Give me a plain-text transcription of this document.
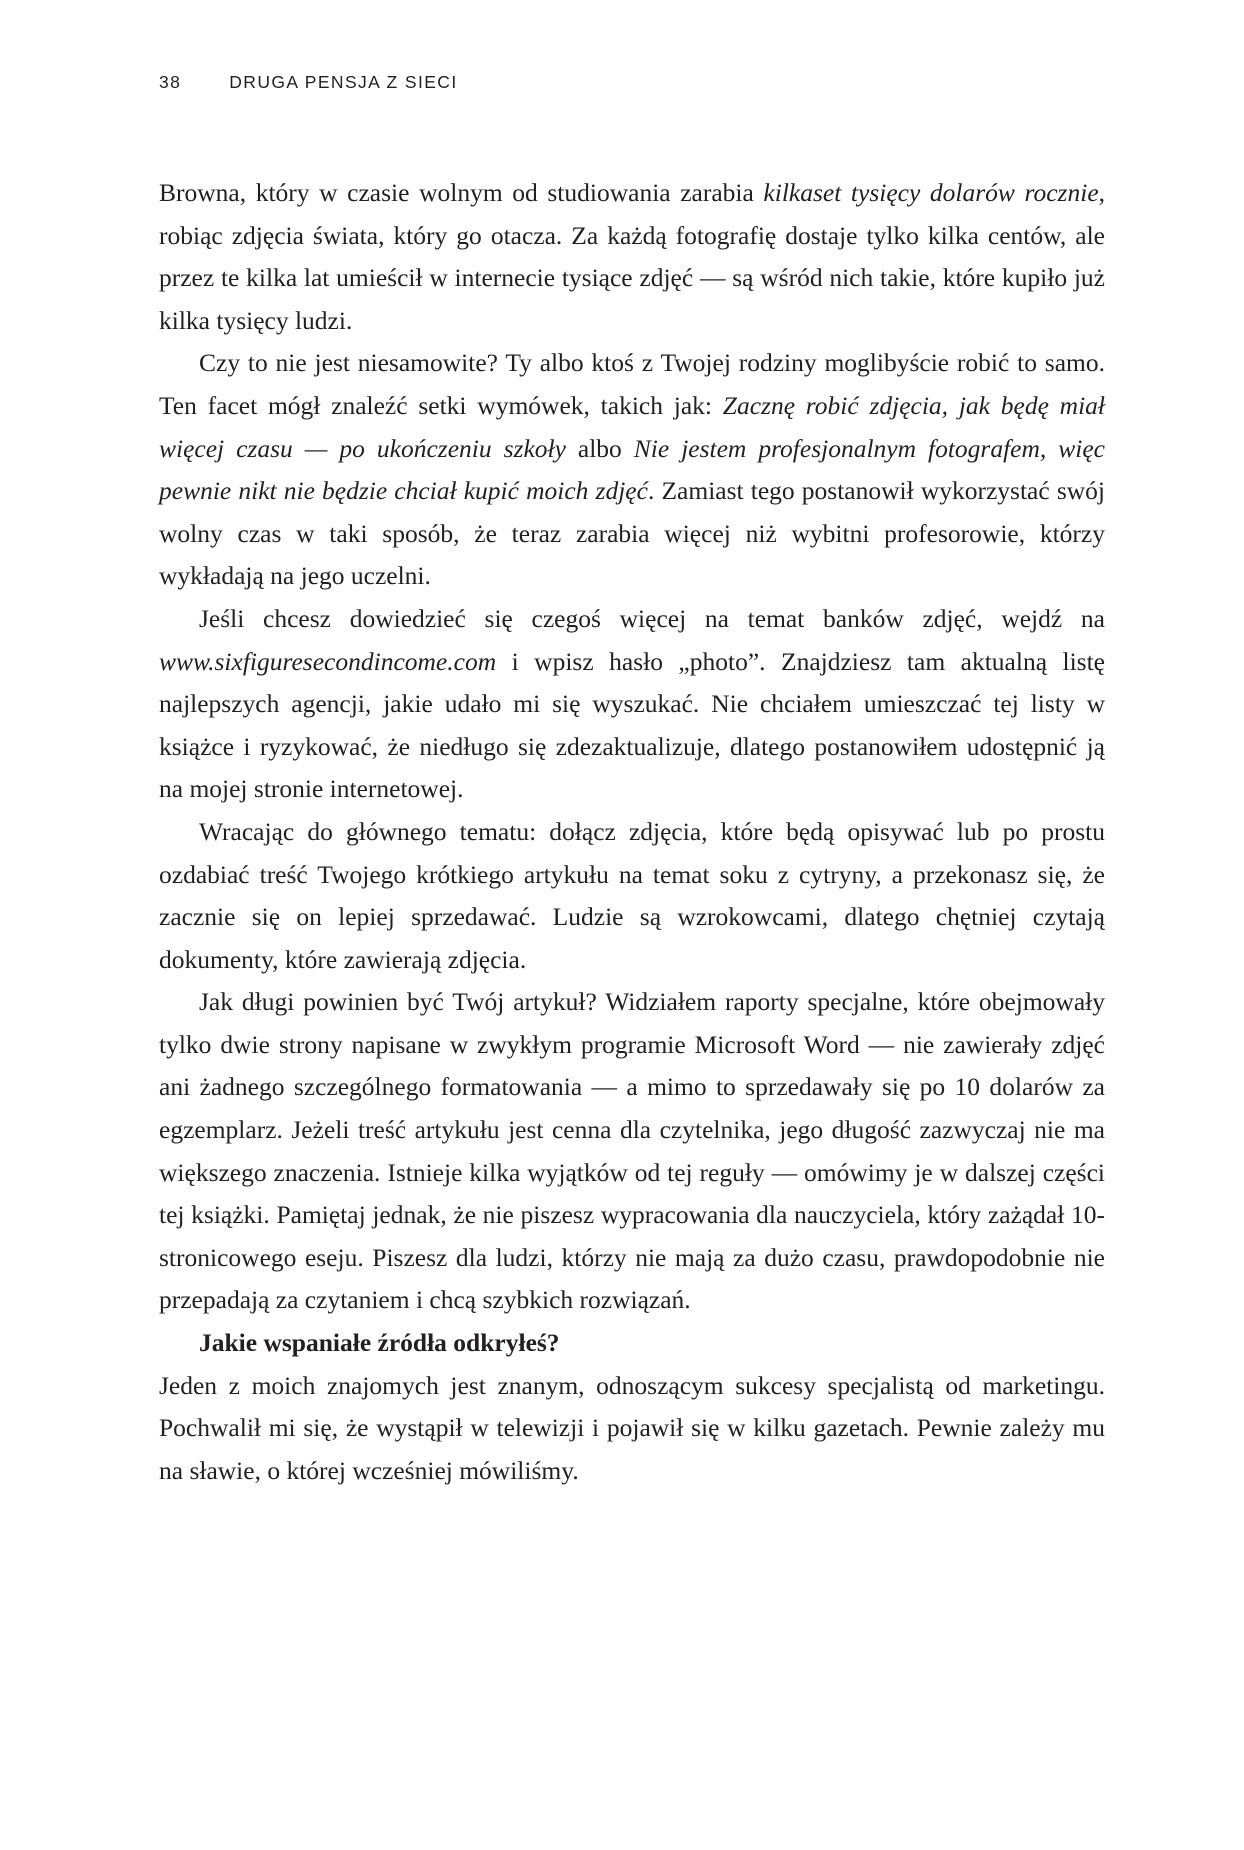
38	DRUGA PENSJA Z SIECI

Browna, który w czasie wolnym od studiowania zarabia kilkaset tysięcy dolarów rocznie, robiąc zdjęcia świata, który go otacza. Za każdą fotografię dostaje tylko kilka centów, ale przez te kilka lat umieścił w internecie tysiące zdjęć — są wśród nich takie, które kupiło już kilka tysięcy ludzi.

Czy to nie jest niesamowite? Ty albo ktoś z Twojej rodziny moglibyście robić to samo. Ten facet mógł znaleźć setki wymówek, takich jak: Zacznę robić zdjęcia, jak będę miał więcej czasu — po ukończeniu szkoły albo Nie jestem profesjonalnym fotografem, więc pewnie nikt nie będzie chciał kupić moich zdjęć. Zamiast tego postanowił wykorzystać swój wolny czas w taki sposób, że teraz zarabia więcej niż wybitni profesorowie, którzy wykładają na jego uczelni.

Jeśli chcesz dowiedzieć się czegoś więcej na temat banków zdjęć, wejdź na www.sixfiguresecondincome.com i wpisz hasło „photo”. Znajdziesz tam aktualną listę najlepszych agencji, jakie udało mi się wyszukać. Nie chciałem umieszczać tej listy w książce i ryzykować, że niedługo się zdezaktualizuje, dlatego postanowiłem udostępnić ją na mojej stronie internetowej.

Wracając do głównego tematu: dołącz zdjęcia, które będą opisywać lub po prostu ozdabiać treść Twojego krótkiego artykułu na temat soku z cytryny, a przekonasz się, że zacznie się on lepiej sprzedawać. Ludzie są wzrokowcami, dlatego chętniej czytają dokumenty, które zawierają zdjęcia.

Jak długi powinien być Twój artykuł? Widziałem raporty specjalne, które obejmowały tylko dwie strony napisane w zwykłym programie Microsoft Word — nie zawierały zdjęć ani żadnego szczególnego formatowania — a mimo to sprzedawały się po 10 dolarów za egzemplarz. Jeżeli treść artykułu jest cenna dla czytelnika, jego długość zazwyczaj nie ma większego znaczenia. Istnieje kilka wyjątków od tej reguły — omówimy je w dalszej części tej książki. Pamiętaj jednak, że nie piszesz wypracowania dla nauczyciela, który zażądał 10-stronicowego eseju. Piszesz dla ludzi, którzy nie mają za dużo czasu, prawdopodobnie nie przepadają za czytaniem i chcą szybkich rozwiązań.

Jakie wspaniałe źródła odkryłeś?

Jeden z moich znajomych jest znanym, odnoszącym sukcesy specjalistą od marketingu. Pochwalił mi się, że wystąpił w telewizji i pojawił się w kilku gazetach. Pewnie zależy mu na sławie, o której wcześniej mówiliśmy.
